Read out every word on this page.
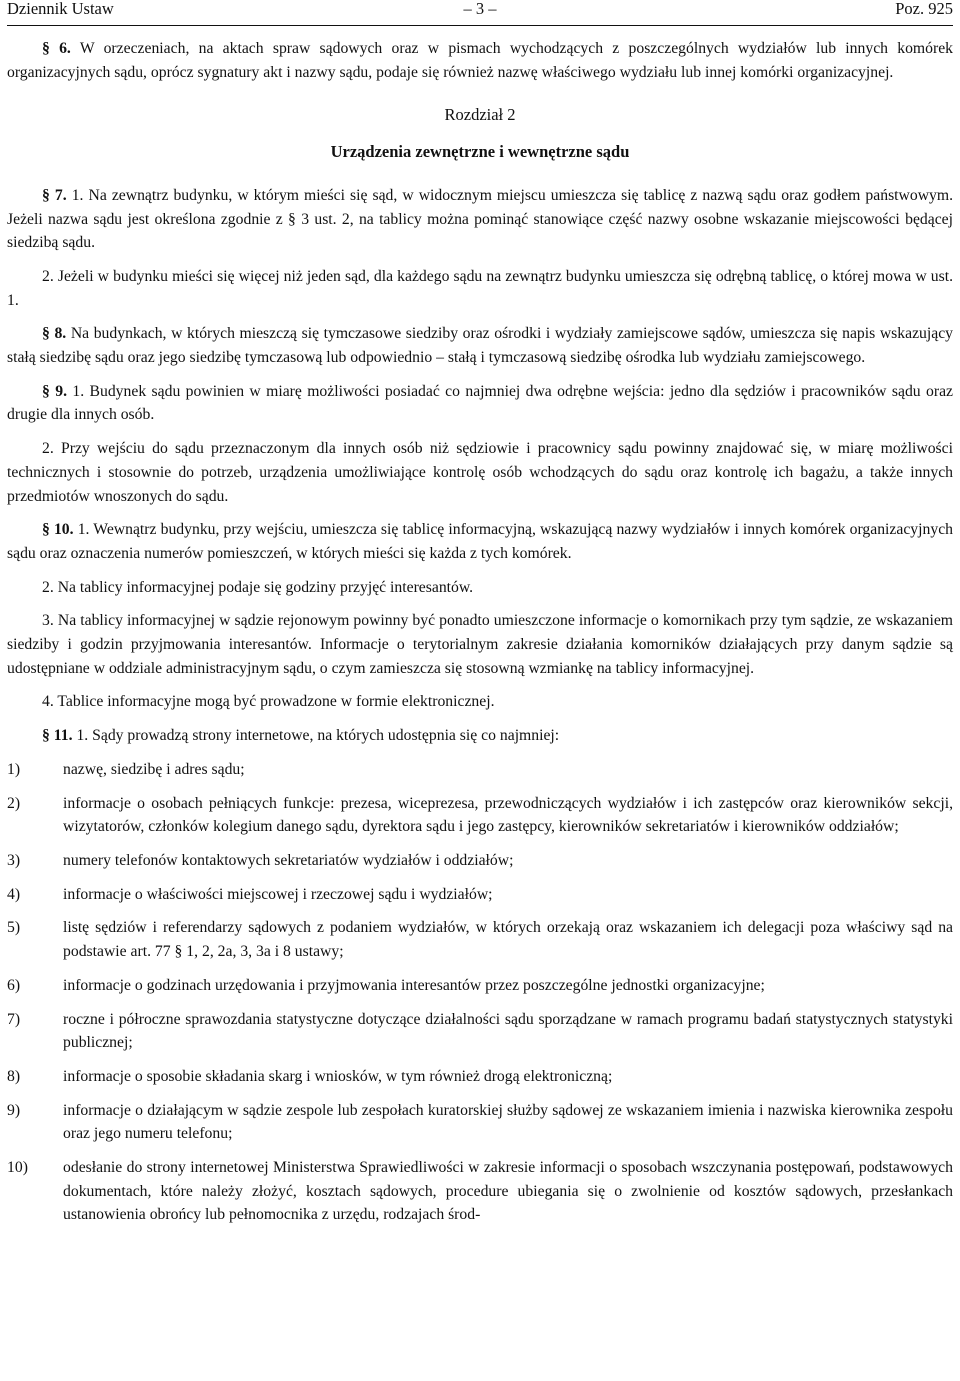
Dziennik Ustaw	– 3 –	Poz. 925

§ 6. W orzeczeniach, na aktach spraw sądowych oraz w pismach wychodzących z poszczególnych wydziałów lub innych komórek organizacyjnych sądu, oprócz sygnatury akt i nazwy sądu, podaje się również nazwę właściwego wydziału lub innej komórki organizacyjnej.

Rozdział 2

Urządzenia zewnętrzne i wewnętrzne sądu

§ 7. 1. Na zewnątrz budynku, w którym mieści się sąd, w widocznym miejscu umieszcza się tablicę z nazwą sądu oraz godłem państwowym. Jeżeli nazwa sądu jest określona zgodnie z § 3 ust. 2, na tablicy można pominąć stanowiące część nazwy osobne wskazanie miejscowości będącej siedzibą sądu.

2. Jeżeli w budynku mieści się więcej niż jeden sąd, dla każdego sądu na zewnątrz budynku umieszcza się odrębną tablicę, o której mowa w ust. 1.

§ 8. Na budynkach, w których mieszczą się tymczasowe siedziby oraz ośrodki i wydziały zamiejscowe sądów, umieszcza się napis wskazujący stałą siedzibę sądu oraz jego siedzibę tymczasową lub odpowiednio – stałą i tymczasową siedzibę ośrodka lub wydziału zamiejscowego.

§ 9. 1. Budynek sądu powinien w miarę możliwości posiadać co najmniej dwa odrębne wejścia: jedno dla sędziów i pracowników sądu oraz drugie dla innych osób.

2. Przy wejściu do sądu przeznaczonym dla innych osób niż sędziowie i pracownicy sądu powinny znajdować się, w miarę możliwości technicznych i stosownie do potrzeb, urządzenia umożliwiające kontrolę osób wchodzących do sądu oraz kontrolę ich bagażu, a także innych przedmiotów wnoszonych do sądu.

§ 10. 1. Wewnątrz budynku, przy wejściu, umieszcza się tablicę informacyjną, wskazującą nazwy wydziałów i innych komórek organizacyjnych sądu oraz oznaczenia numerów pomieszczeń, w których mieści się każda z tych komórek.

2. Na tablicy informacyjnej podaje się godziny przyjęć interesantów.

3. Na tablicy informacyjnej w sądzie rejonowym powinny być ponadto umieszczone informacje o komornikach przy tym sądzie, ze wskazaniem siedziby i godzin przyjmowania interesantów. Informacje o terytorialnym zakresie działania komorników działających przy danym sądzie są udostępniane w oddziale administracyjnym sądu, o czym zamieszcza się stosowną wzmiankę na tablicy informacyjnej.

4. Tablice informacyjne mogą być prowadzone w formie elektronicznej.

§ 11. 1. Sądy prowadzą strony internetowe, na których udostępnia się co najmniej:

1)	nazwę, siedzibę i adres sądu;
2)	informacje o osobach pełniących funkcje: prezesa, wiceprezesa, przewodniczących wydziałów i ich zastępców oraz kierowników sekcji, wizytatorów, członków kolegium danego sądu, dyrektora sądu i jego zastępcy, kierowników sekretariatów i kierowników oddziałów;
3)	numery telefonów kontaktowych sekretariatów wydziałów i oddziałów;
4)	informacje o właściwości miejscowej i rzeczowej sądu i wydziałów;
5)	listę sędziów i referendarzy sądowych z podaniem wydziałów, w których orzekają oraz wskazaniem ich delegacji poza właściwy sąd na podstawie art. 77 § 1, 2, 2a, 3, 3a i 8 ustawy;
6)	informacje o godzinach urzędowania i przyjmowania interesantów przez poszczególne jednostki organizacyjne;
7)	roczne i półroczne sprawozdania statystyczne dotyczące działalności sądu sporządzane w ramach programu badań statystycznych statystyki publicznej;
8)	informacje o sposobie składania skarg i wniosków, w tym również drogą elektroniczną;
9)	informacje o działającym w sądzie zespole lub zespołach kuratorskiej służby sądowej ze wskazaniem imienia i nazwiska kierownika zespołu oraz jego numeru telefonu;
10) odesłanie do strony internetowej Ministerstwa Sprawiedliwości w zakresie informacji o sposobach wszczynania postępowań, podstawowych dokumentach, które należy złożyć, kosztach sądowych, procedure ubiegania się o zwolnienie od kosztów sądowych, przesłankach ustanowienia obrońcy lub pełnomocnika z urzędu, rodzajach środ-
